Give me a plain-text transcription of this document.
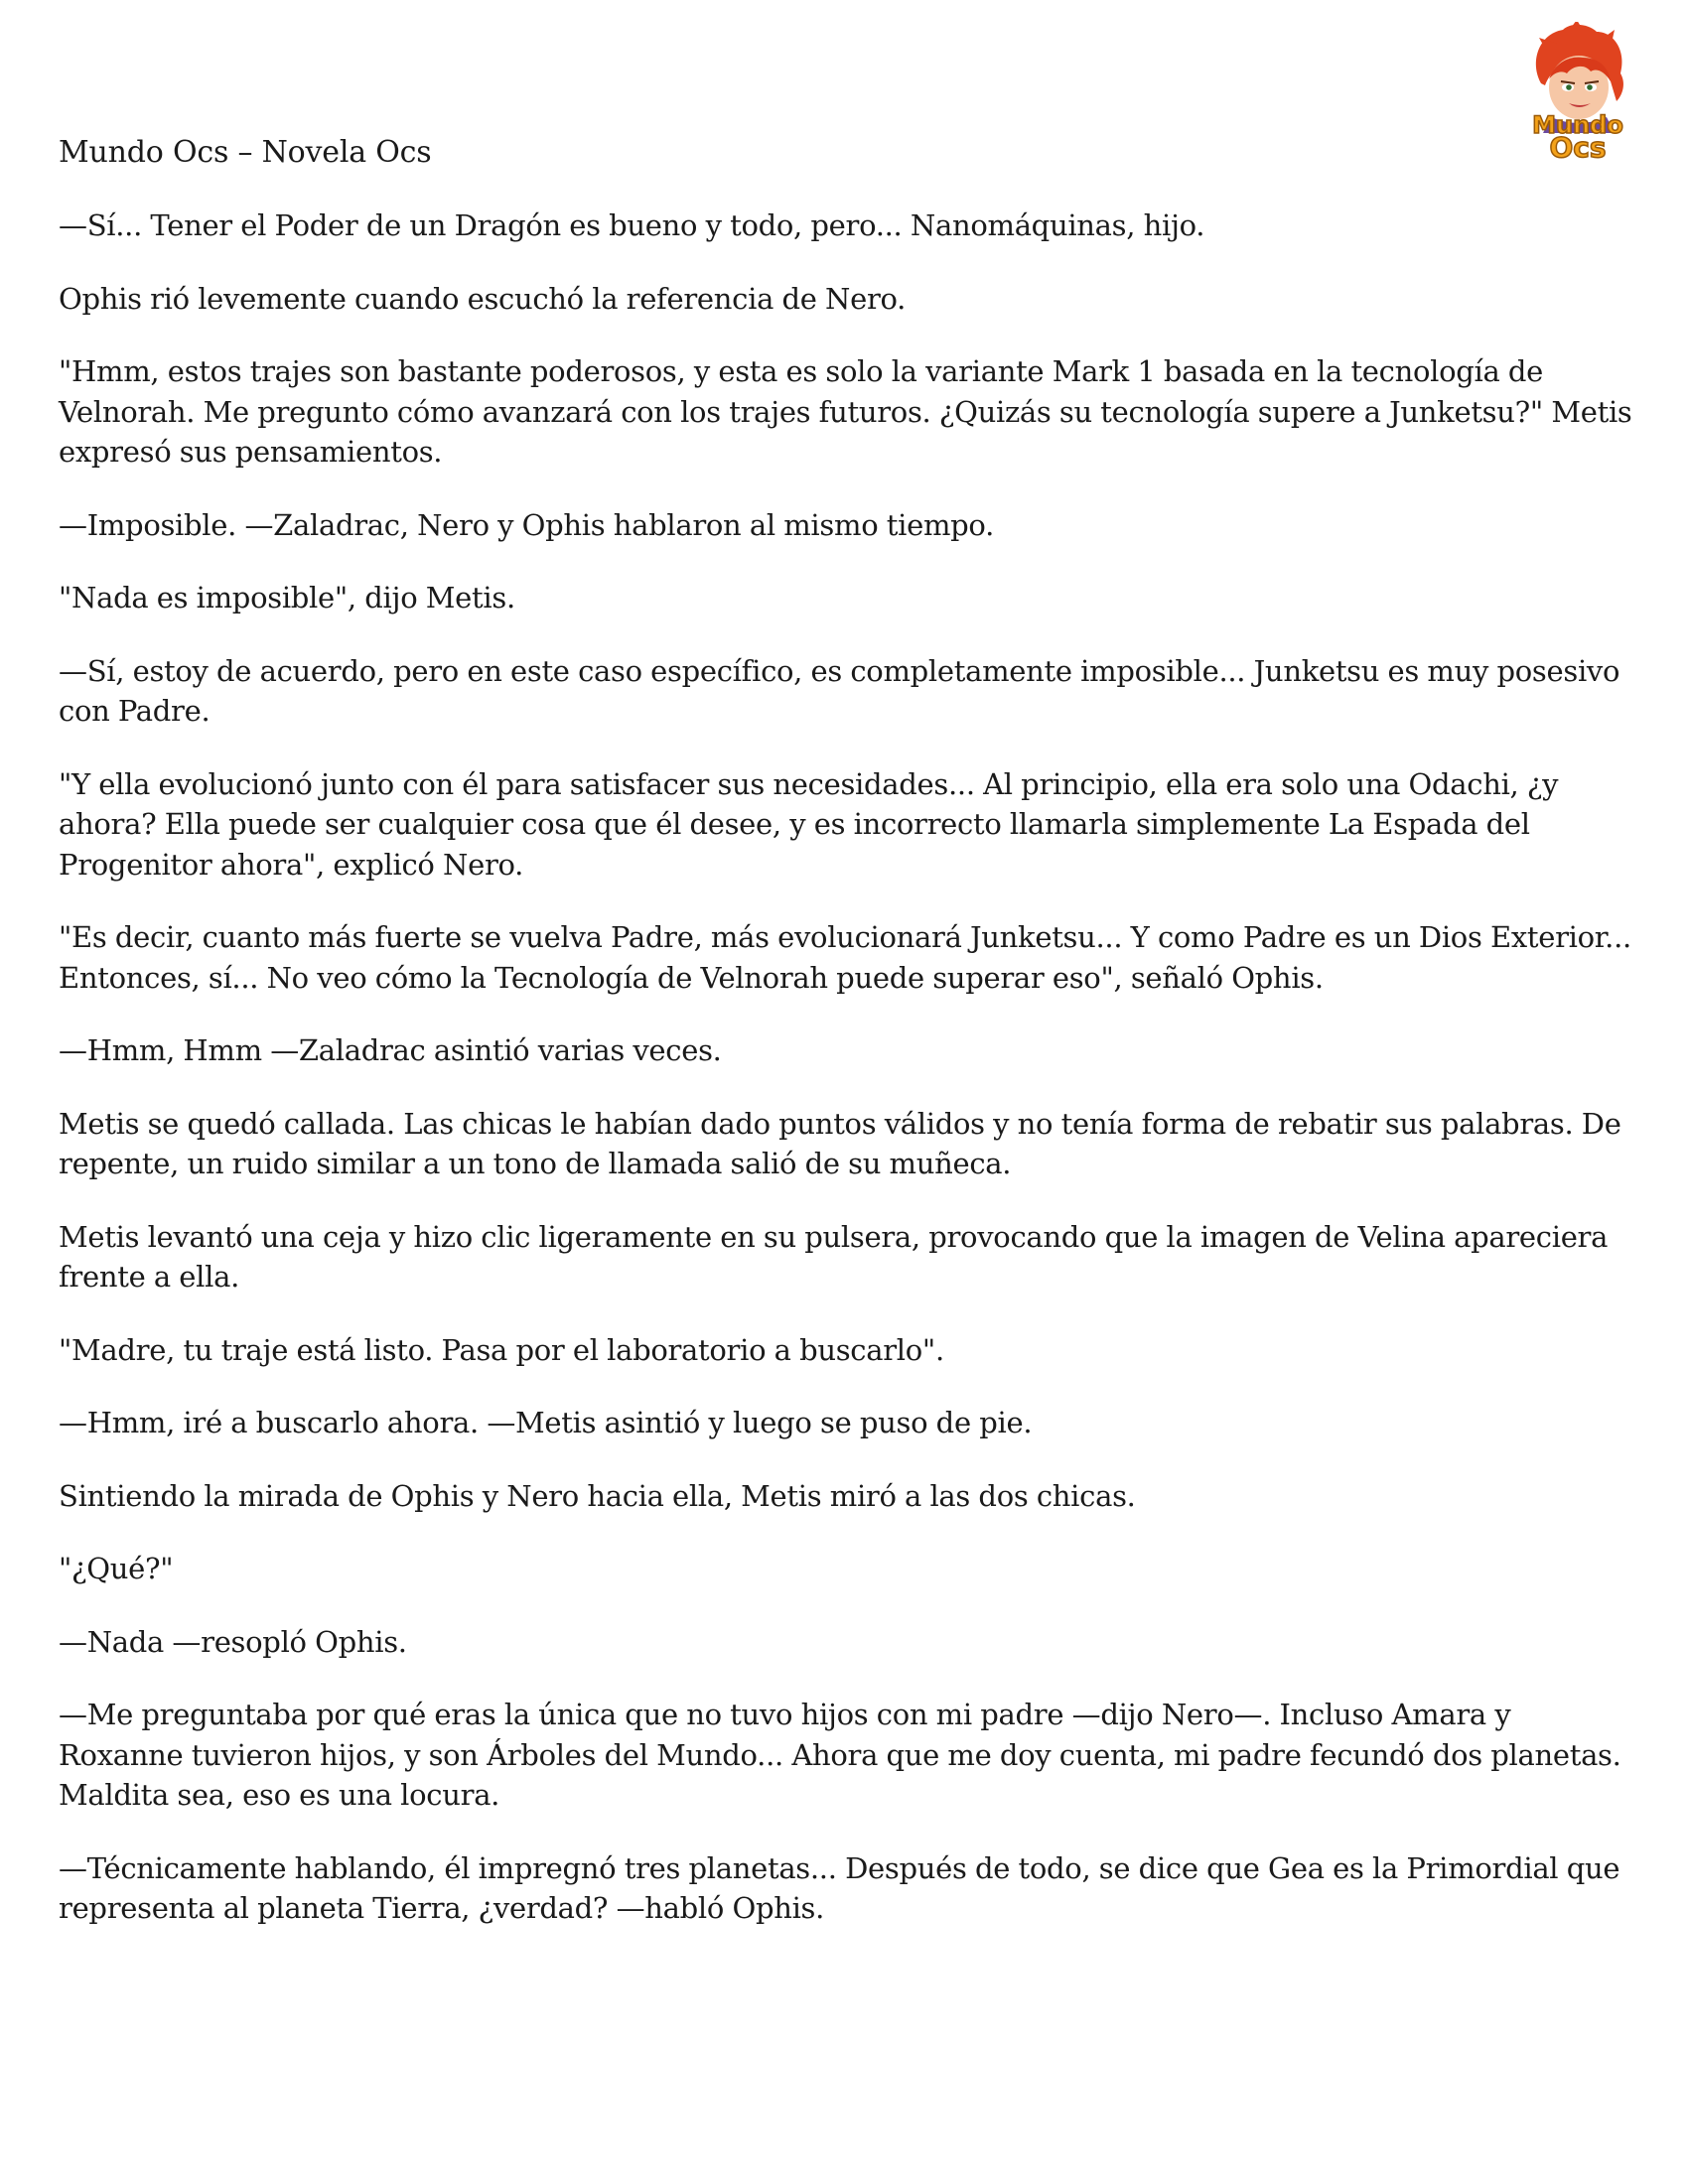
Mundo
Ocs

Mundo Ocs – Novela Ocs

—Sí... Tener el Poder de un Dragón es bueno y todo, pero... Nanomáquinas, hijo.

Ophis rió levemente cuando escuchó la referencia de Nero.

"Hmm, estos trajes son bastante poderosos, y esta es solo la variante Mark 1 basada en la tecnología de Velnorah. Me pregunto cómo avanzará con los trajes futuros. ¿Quizás su tecnología supere a Junketsu?" Metis expresó sus pensamientos.

—Imposible. —Zaladrac, Nero y Ophis hablaron al mismo tiempo.

"Nada es imposible", dijo Metis.

—Sí, estoy de acuerdo, pero en este caso específico, es completamente imposible... Junketsu es muy posesivo con Padre.

"Y ella evolucionó junto con él para satisfacer sus necesidades... Al principio, ella era solo una Odachi, ¿y ahora? Ella puede ser cualquier cosa que él desee, y es incorrecto llamarla simplemente La Espada del Progenitor ahora", explicó Nero.

"Es decir, cuanto más fuerte se vuelva Padre, más evolucionará Junketsu... Y como Padre es un Dios Exterior... Entonces, sí... No veo cómo la Tecnología de Velnorah puede superar eso", señaló Ophis.

—Hmm, Hmm —Zaladrac asintió varias veces.

Metis se quedó callada. Las chicas le habían dado puntos válidos y no tenía forma de rebatir sus palabras. De repente, un ruido similar a un tono de llamada salió de su muñeca.

Metis levantó una ceja y hizo clic ligeramente en su pulsera, provocando que la imagen de Velina apareciera frente a ella.

"Madre, tu traje está listo. Pasa por el laboratorio a buscarlo".

—Hmm, iré a buscarlo ahora. —Metis asintió y luego se puso de pie.

Sintiendo la mirada de Ophis y Nero hacia ella, Metis miró a las dos chicas.

"¿Qué?"

—Nada —resopló Ophis.

—Me preguntaba por qué eras la única que no tuvo hijos con mi padre —dijo Nero—. Incluso Amara y Roxanne tuvieron hijos, y son Árboles del Mundo... Ahora que me doy cuenta, mi padre fecundó dos planetas. Maldita sea, eso es una locura.

—Técnicamente hablando, él impregnó tres planetas... Después de todo, se dice que Gea es la Primordial que representa al planeta Tierra, ¿verdad? —habló Ophis.
